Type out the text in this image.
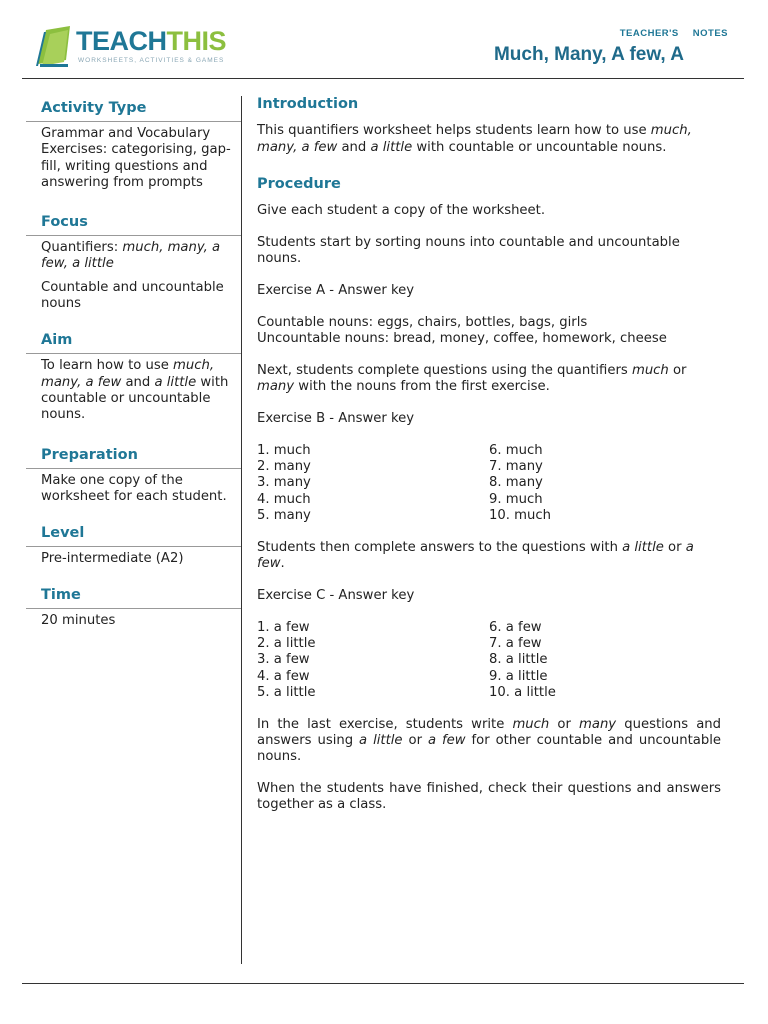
TEACHTHIS
WORKSHEETS, ACTIVITIES & GAMES
TEACHER'S NOTES
Much, Many, A few, A
Activity Type

Grammar and Vocabulary Exercises: categorising, gap-fill, writing questions and answering from prompts

Focus

Quantifiers: much, many, a few, a little

Countable and uncountable nouns

Aim

To learn how to use much, many, a few and a little with countable or uncountable nouns.

Preparation

Make one copy of the worksheet for each student.

Level

Pre-intermediate (A2)

Time

20 minutes

Introduction

This quantifiers worksheet helps students learn how to use much, many, a few and a little with countable or uncountable nouns.

Procedure

Give each student a copy of the worksheet.

Students start by sorting nouns into countable and uncountable nouns.

Exercise A - Answer key

Countable nouns: eggs, chairs, bottles, bags, girls
Uncountable nouns: bread, money, coffee, homework, cheese

Next, students complete questions using the quantifiers much or many with the nouns from the first exercise.

Exercise B - Answer key

1. much
2. many
3. many
4. much
5. many
6. much
7. many
8. many
9. much
10. much

Students then complete answers to the questions with a little or a few.

Exercise C - Answer key

1. a few
2. a little
3. a few
4. a few
5. a little
6. a few
7. a few
8. a little
9. a little
10. a little

In the last exercise, students write much or many questions and answers using a little or a few for other countable and uncountable nouns.

When the students have finished, check their questions and answers together as a class.
